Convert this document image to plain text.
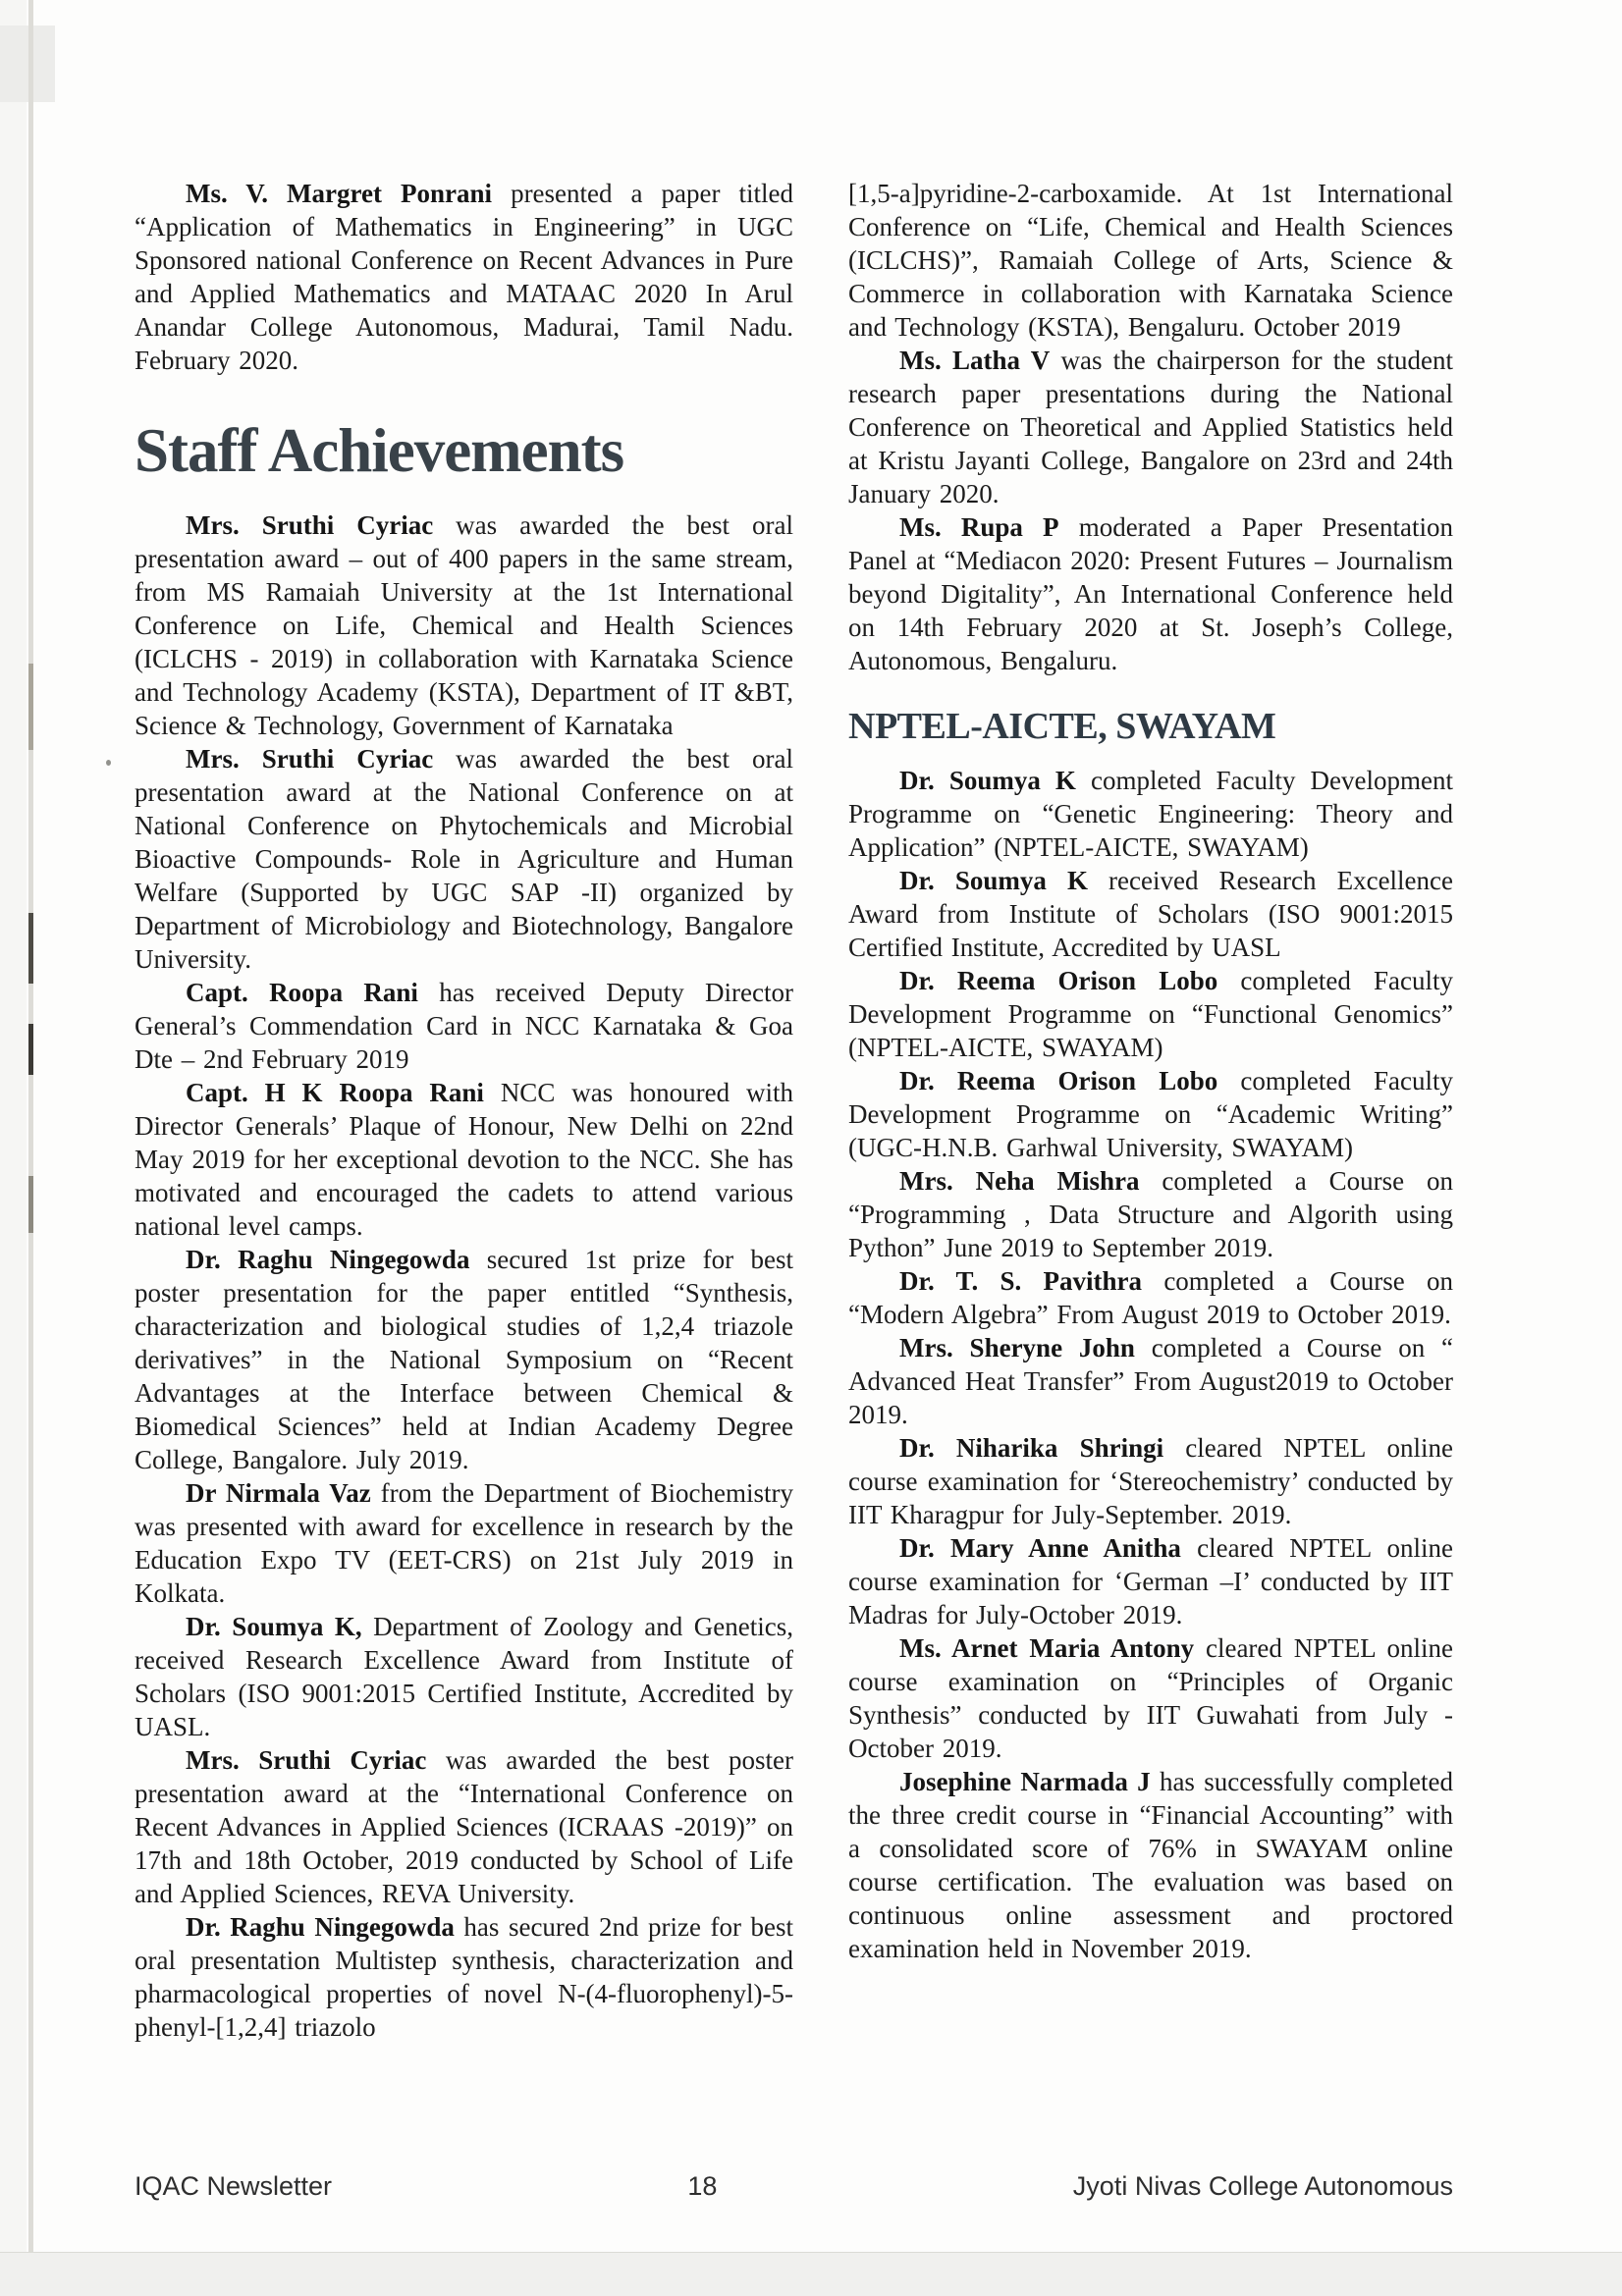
Ms. V. Margret Ponrani presented a paper titled “Application of Mathematics in Engineering” in UGC Sponsored national Conference on Recent Advances in Pure and Applied Mathematics and MATAAC 2020 In Arul Anandar College Autonomous, Madurai, Tamil Nadu. February 2020.

Staff Achievements

Mrs. Sruthi Cyriac was awarded the best oral presentation award – out of 400 papers in the same stream, from MS Ramaiah University at the 1st International Conference on Life, Chemical and Health Sciences (ICLCHS - 2019) in collaboration with Karnataka Science and Technology Academy (KSTA), Department of IT &BT, Science & Technology, Government of Karnataka

Mrs. Sruthi Cyriac was awarded the best oral presentation award at the National Conference on at National Conference on Phytochemicals and Microbial Bioactive Compounds- Role in Agriculture and Human Welfare (Supported by UGC SAP -II) organized by Department of Microbiology and Biotechnology, Bangalore University.

Capt. Roopa Rani has received Deputy Director General’s Commendation Card in NCC Karnataka & Goa Dte – 2nd February 2019

Capt. H K Roopa Rani NCC was honoured with Director Generals’ Plaque of Honour, New Delhi on 22nd May 2019 for her exceptional devotion to the NCC. She has motivated and encouraged the cadets to attend various national level camps.

Dr. Raghu Ningegowda secured 1st prize for best poster presentation for the paper entitled “Synthesis, characterization and biological studies of 1,2,4 triazole derivatives” in the National Symposium on “Recent Advantages at the Interface between Chemical & Biomedical Sciences” held at Indian Academy Degree College, Bangalore. July 2019.

Dr Nirmala Vaz from the Department of Biochemistry was presented with award for excellence in research by the Education Expo TV (EET-CRS) on 21st July 2019 in Kolkata.

Dr. Soumya K, Department of Zoology and Genetics, received Research Excellence Award from Institute of Scholars (ISO 9001:2015 Certified Institute, Accredited by UASL.

Mrs. Sruthi Cyriac was awarded the best poster presentation award at the “International Conference on Recent Advances in Applied Sciences (ICRAAS -2019)” on 17th and 18th October, 2019 conducted by School of Life and Applied Sciences, REVA University.

Dr. Raghu Ningegowda has secured 2nd prize for best oral presentation Multistep synthesis, characterization and pharmacological properties of novel N-(4-fluorophenyl)-5-phenyl-[1,2,4] triazolo

[1,5-a]pyridine-2-carboxamide. At 1st International Conference on “Life, Chemical and Health Sciences (ICLCHS)”, Ramaiah College of Arts, Science & Commerce in collaboration with Karnataka Science and Technology (KSTA), Bengaluru. October 2019

Ms. Latha V was the chairperson for the student research paper presentations during the National Conference on Theoretical and Applied Statistics held at Kristu Jayanti College, Bangalore on 23rd and 24th January 2020.

Ms. Rupa P moderated a Paper Presentation Panel at “Mediacon 2020: Present Futures – Journalism beyond Digitality”, An International Conference held on 14th February 2020 at St. Joseph’s College, Autonomous, Bengaluru.

NPTEL-AICTE, SWAYAM

Dr. Soumya K completed Faculty Development Programme on “Genetic Engineering: Theory and Application” (NPTEL-AICTE, SWAYAM)

Dr. Soumya K received Research Excellence Award from Institute of Scholars (ISO 9001:2015 Certified Institute, Accredited by UASL

Dr. Reema Orison Lobo completed Faculty Development Programme on “Functional Genomics” (NPTEL-AICTE, SWAYAM)

Dr. Reema Orison Lobo completed Faculty Development Programme on “Academic Writing” (UGC-H.N.B. Garhwal University, SWAYAM)

Mrs. Neha Mishra completed a Course on “Programming , Data Structure and Algorith using Python” June 2019 to September 2019.

Dr. T. S. Pavithra completed a Course on “Modern Algebra” From August 2019 to October 2019.

Mrs. Sheryne John completed a Course on “ Advanced Heat Transfer” From August2019 to October 2019.

Dr. Niharika Shringi cleared NPTEL online course examination for ‘Stereochemistry’ conducted by IIT Kharagpur for July-September. 2019.

Dr. Mary Anne Anitha cleared NPTEL online course examination for ‘German –I’ conducted by IIT Madras for July-October 2019.

Ms. Arnet Maria Antony cleared NPTEL online course examination on “Principles of Organic Synthesis” conducted by IIT Guwahati from July - October 2019.

Josephine Narmada J has successfully completed the three credit course in “Financial Accounting” with a consolidated score of 76% in SWAYAM online course certification. The evaluation was based on continuous online assessment and proctored examination held in November 2019.

IQAC Newsletter	18	Jyoti Nivas College Autonomous
